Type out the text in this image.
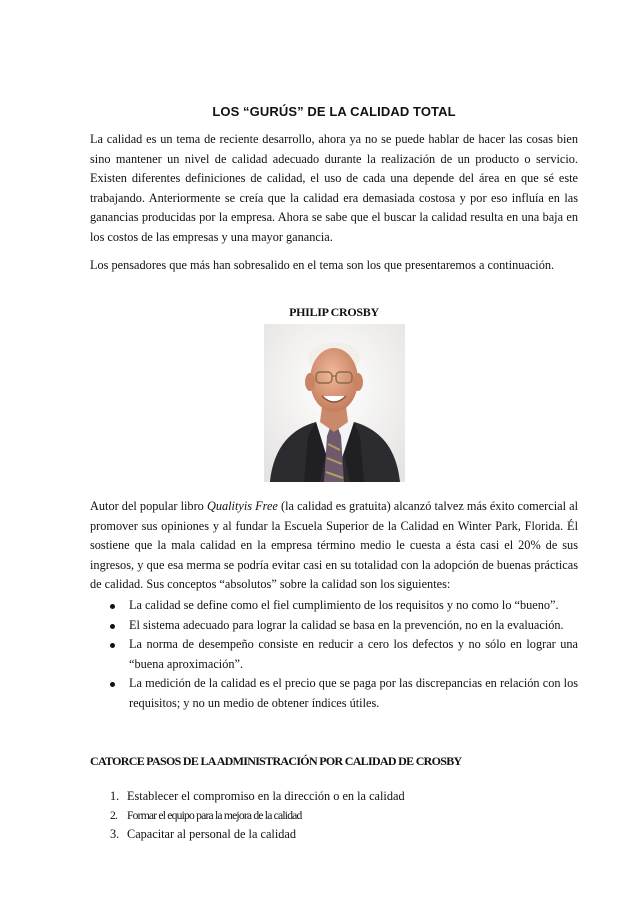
LOS “GURÚS” DE LA CALIDAD TOTAL

La calidad es un tema de reciente desarrollo, ahora ya no se puede hablar de hacer las cosas bien sino mantener un nivel de calidad adecuado durante la realización de un producto o servicio. Existen diferentes definiciones de calidad, el uso de cada una depende del área en que sé este trabajando. Anteriormente se creía que la calidad era demasiada costosa y por eso influía en las ganancias producidas por la empresa. Ahora se sabe que el buscar la calidad resulta en una baja en los costos de las empresas y una mayor ganancia.

Los pensadores que más han sobresalido en el tema son los que presentaremos a continuación.

PHILIP CROSBY

Autor del popular libro Qualityis Free (la calidad es gratuita) alcanzó talvez más éxito comercial al promover sus opiniones y al fundar la Escuela Superior de la Calidad en Winter Park, Florida. Él sostiene que la mala calidad en la empresa término medio le cuesta a ésta casi el 20% de sus ingresos, y que esa merma se podría evitar casi en su totalidad con la adopción de buenas prácticas de calidad. Sus conceptos “absolutos” sobre la calidad son los siguientes:

La calidad se define como el fiel cumplimiento de los requisitos y no como lo “bueno”.
El sistema adecuado para lograr la calidad se basa en la prevención, no en la evaluación.
La norma de desempeño consiste en reducir a cero los defectos y no sólo en lograr una “buena aproximación”.
La medición de la calidad es el precio que se paga por las discrepancias en relación con los requisitos; y no un medio de obtener índices útiles.
CATORCE PASOS DE LA ADMINISTRACIÓN POR CALIDAD DE CROSBY
1. Establecer el compromiso en la dirección o en la calidad
2. Formar el equipo para la mejora de la calidad
3. Capacitar al personal de la calidad
